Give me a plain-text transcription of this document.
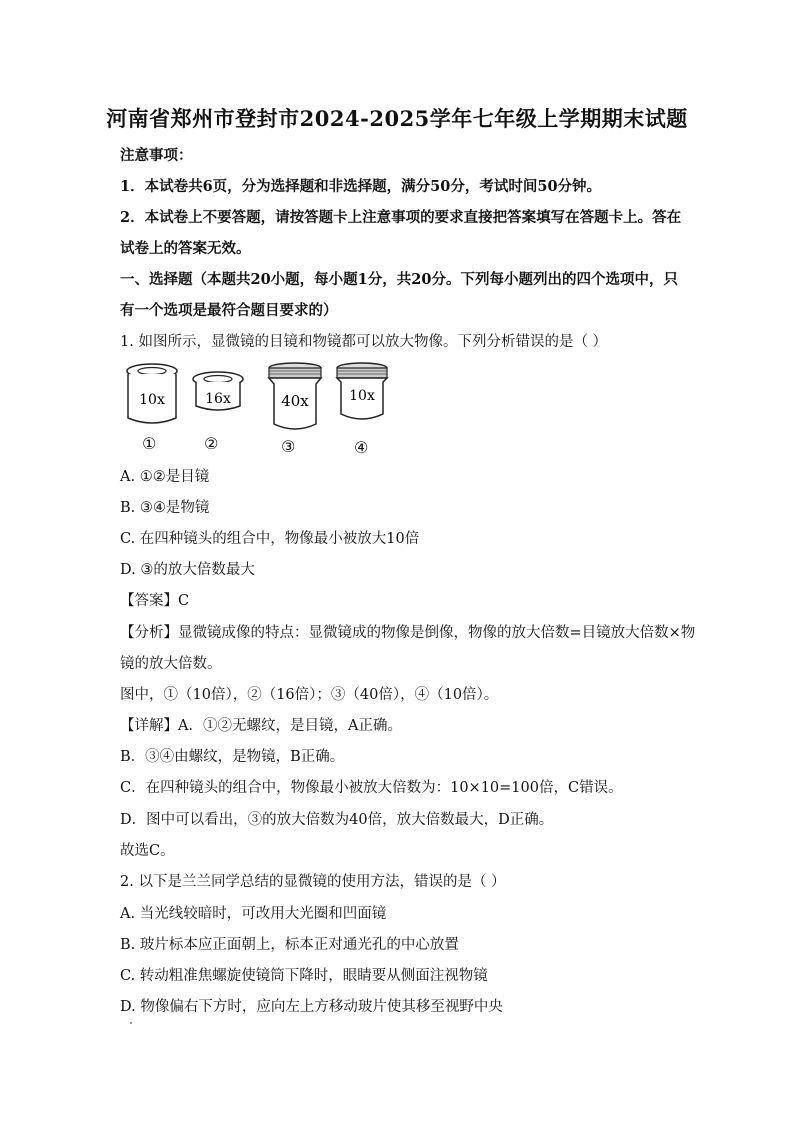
河南省郑州市登封市2024-2025学年七年级上学期期末试题
注意事项：
1．本试卷共6页，分为选择题和非选择题，满分50分，考试时间50分钟。
2．本试卷上不要答题，请按答题卡上注意事项的要求直接把答案填写在答题卡上。答在
试卷上的答案无效。
一、选择题（本题共20小题，每小题1分，共20分。下列每小题列出的四个选项中，只
有一个选项是最符合题目要求的）
1. 如图所示，显微镜的目镜和物镜都可以放大物像。下列分析错误的是（ ）
10x	16x	40x	10x
①	②	③	④
A. ①②是目镜
B. ③④是物镜
C. 在四种镜头的组合中，物像最小被放大10倍
D. ③的放大倍数最大
【答案】C
【分析】显微镜成像的特点：显微镜成的物像是倒像，物像的放大倍数=目镜放大倍数×物
镜的放大倍数。
图中，①（10倍），②（16倍）；③（40倍），④（10倍）。
【详解】A．①②无螺纹，是目镜，A正确。
B．③④由螺纹，是物镜，B正确。
C．在四种镜头的组合中，物像最小被放大倍数为：10×10=100倍，C错误。
D．图中可以看出，③的放大倍数为40倍，放大倍数最大，D正确。
故选C。
2. 以下是兰兰同学总结的显微镜的使用方法，错误的是（ ）
A. 当光线较暗时，可改用大光圈和凹面镜
B. 玻片标本应正面朝上，标本正对通光孔的中心放置
C. 转动粗准焦螺旋使镜筒下降时，眼睛要从侧面注视物镜
D. 物像偏右下方时，应向左上方移动玻片使其移至视野中央
